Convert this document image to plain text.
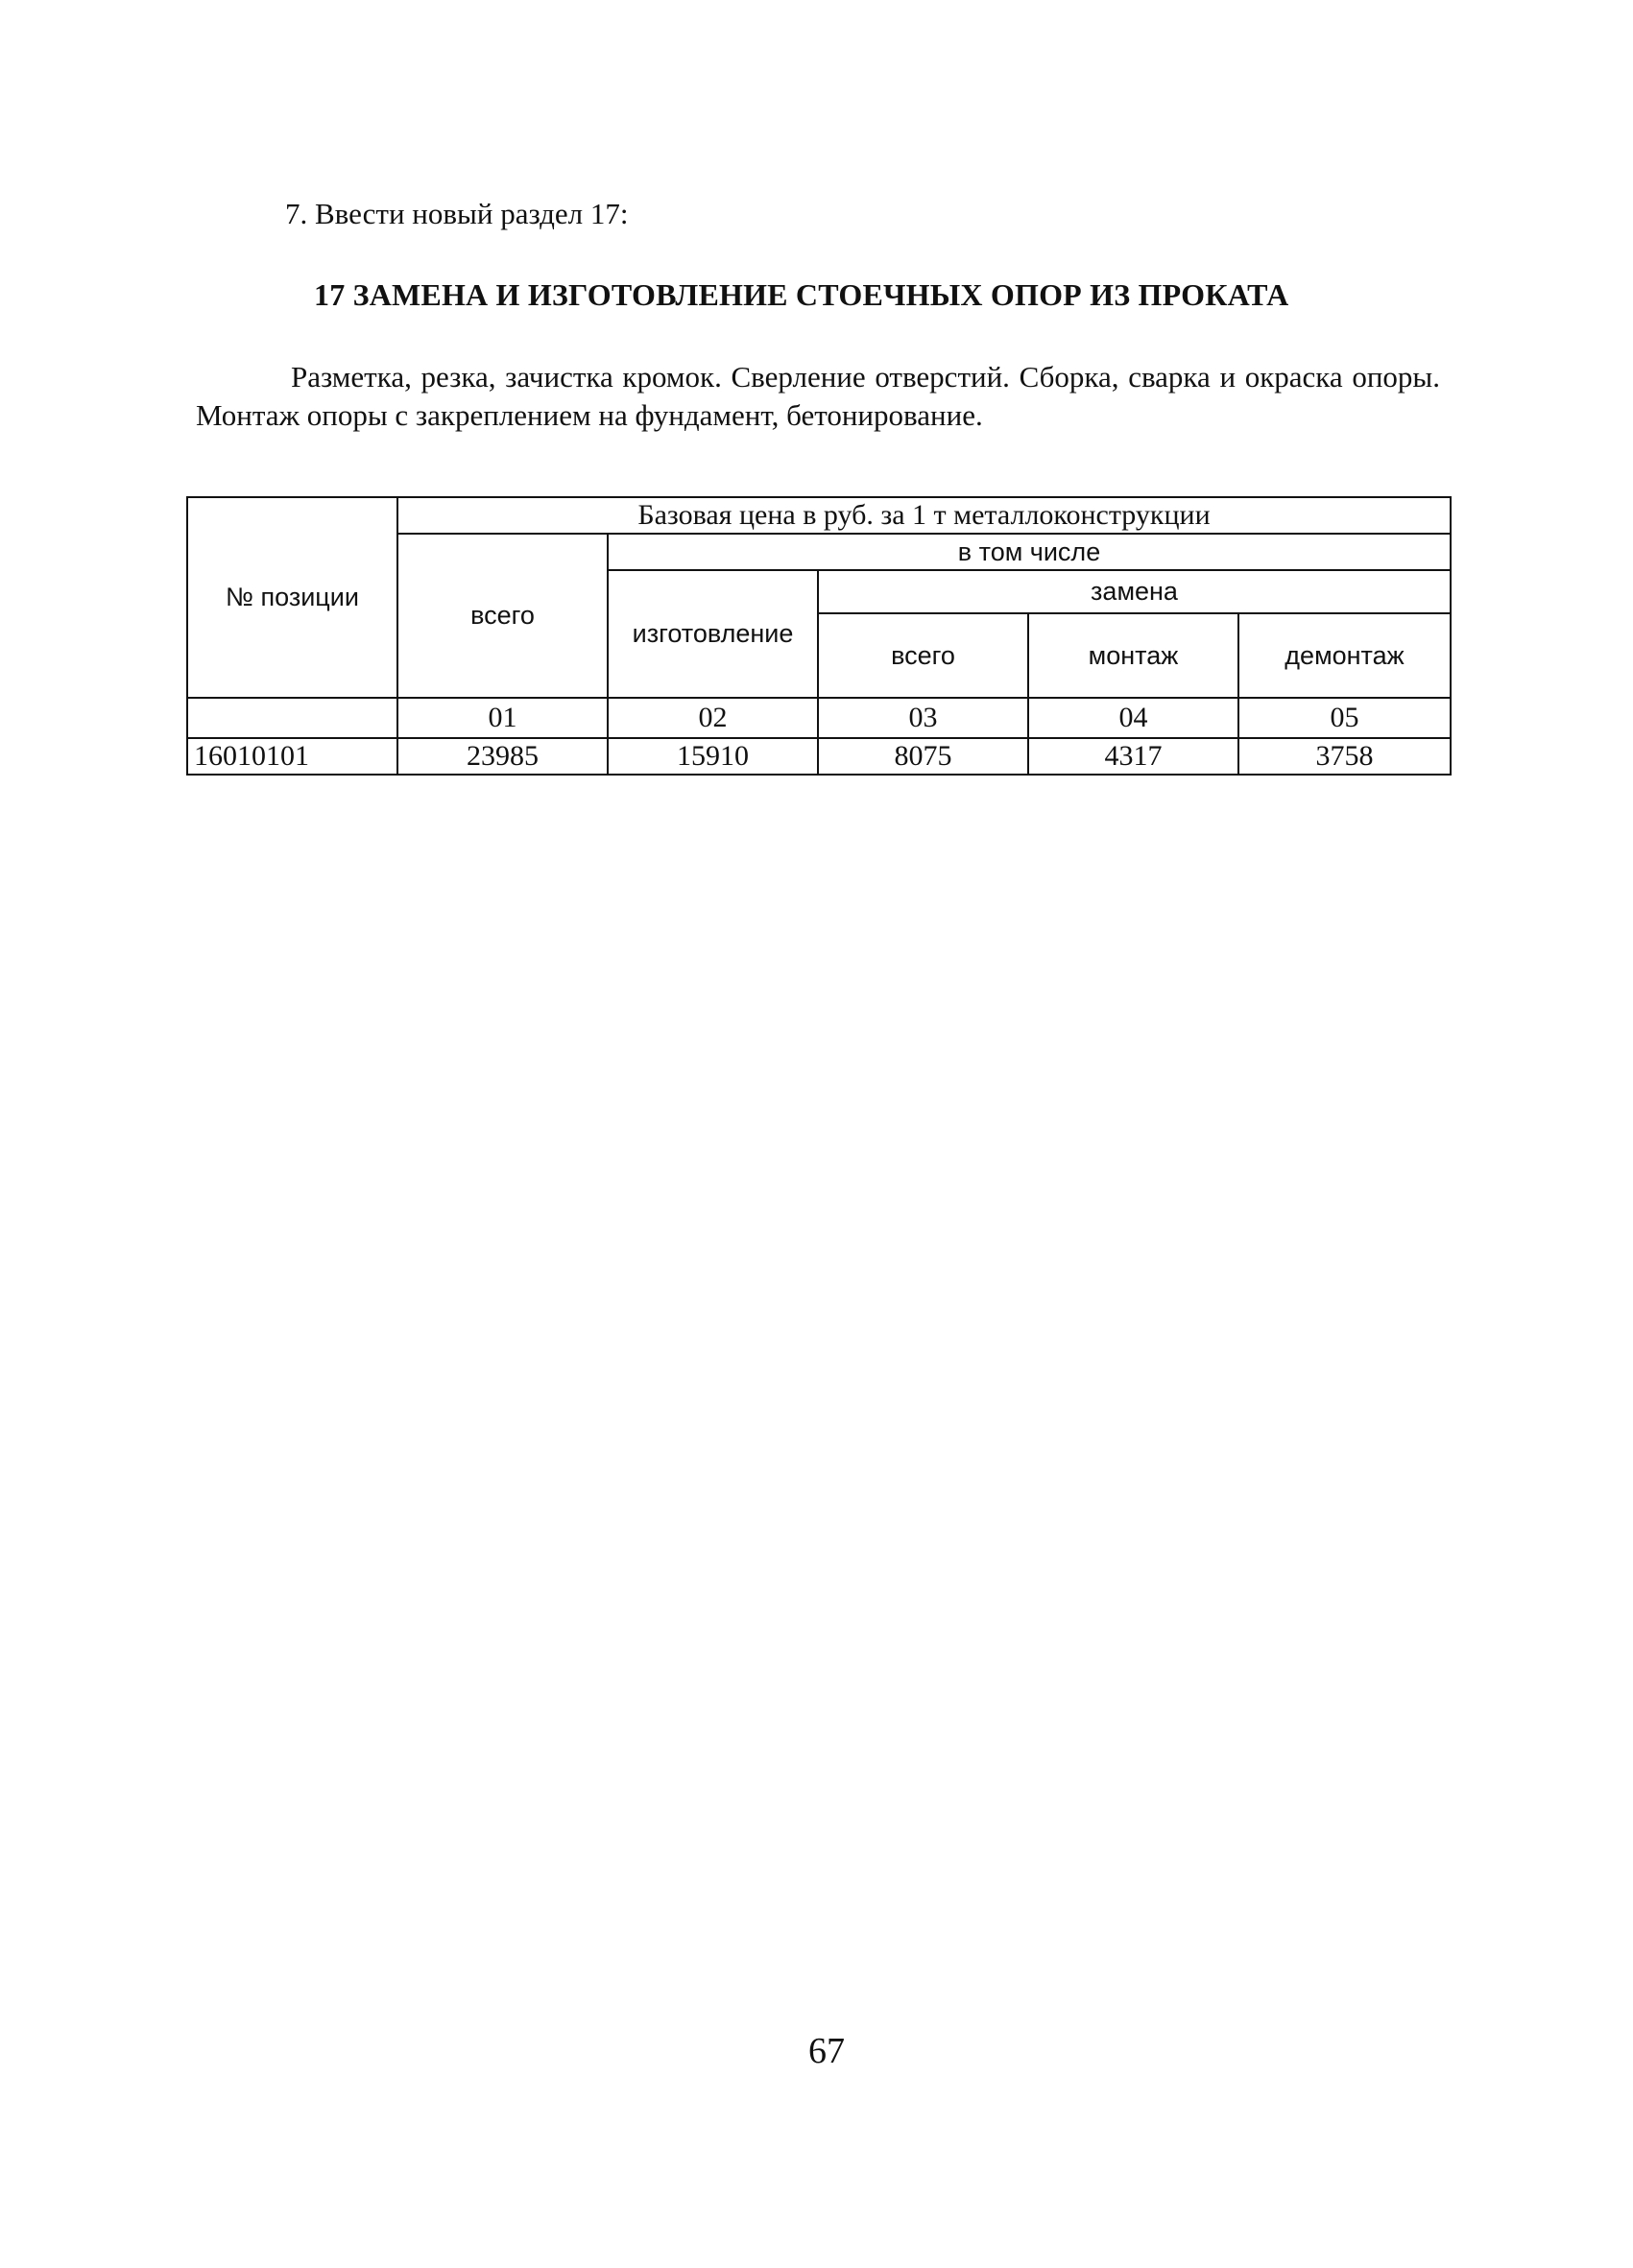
7. Ввести новый раздел 17:
17 ЗАМЕНА И ИЗГОТОВЛЕНИЕ СТОЕЧНЫХ ОПОР ИЗ ПРОКАТА
Разметка, резка, зачистка кромок. Сверление отверстий. Сборка, сварка и окраска опоры. Монтаж опоры с закреплением на фундамент, бетонирование.
№ позиции	Базовая цена в руб. за 1 т металлоконструкции				
	всего	в том числе			
		изготовление	замена		
			всего	монтаж	демонтаж
	01	02	03	04	05
16010101	23985	15910	8075	4317	3758
67
